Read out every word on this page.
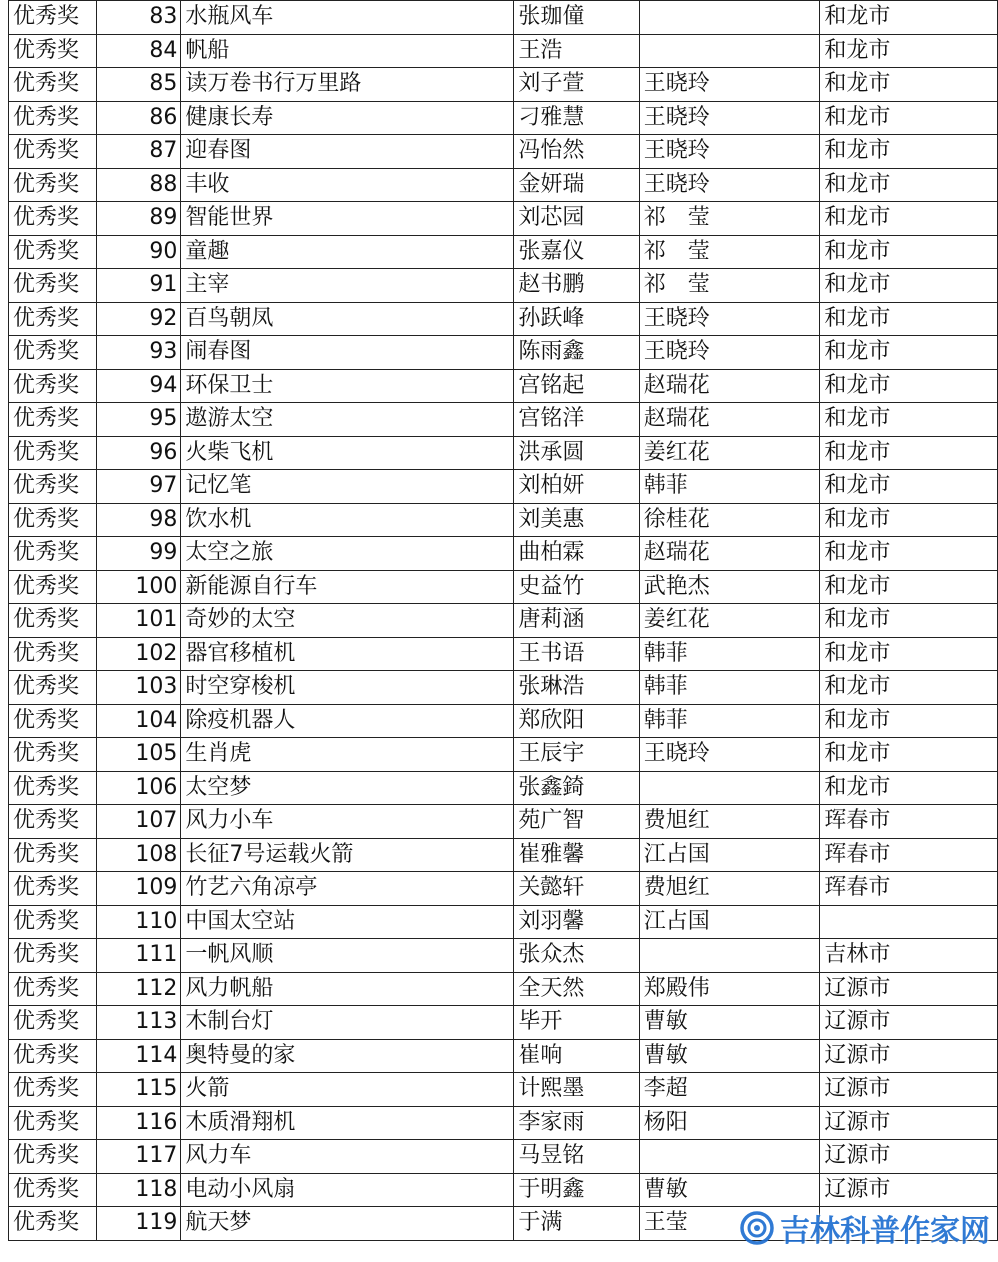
优秀奖	83	水瓶风车	张珈僮		和龙市
优秀奖	84	帆船	王浩		和龙市
优秀奖	85	读万卷书行万里路	刘子萱	王晓玲	和龙市
优秀奖	86	健康长寿	刁雅慧	王晓玲	和龙市
优秀奖	87	迎春图	冯怡然	王晓玲	和龙市
优秀奖	88	丰收	金妍瑞	王晓玲	和龙市
优秀奖	89	智能世界	刘芯园	祁　莹	和龙市
优秀奖	90	童趣	张嘉仪	祁　莹	和龙市
优秀奖	91	主宰	赵书鹏	祁　莹	和龙市
优秀奖	92	百鸟朝凤	孙跃峰	王晓玲	和龙市
优秀奖	93	闹春图	陈雨鑫	王晓玲	和龙市
优秀奖	94	环保卫士	宫铭起	赵瑞花	和龙市
优秀奖	95	遨游太空	宫铭洋	赵瑞花	和龙市
优秀奖	96	火柴飞机	洪承圆	姜红花	和龙市
优秀奖	97	记忆笔	刘柏妍	韩菲	和龙市
优秀奖	98	饮水机	刘美惠	徐桂花	和龙市
优秀奖	99	太空之旅	曲柏霖	赵瑞花	和龙市
优秀奖	100	新能源自行车	史益竹	武艳杰	和龙市
优秀奖	101	奇妙的太空	唐莉涵	姜红花	和龙市
优秀奖	102	器官移植机	王书语	韩菲	和龙市
优秀奖	103	时空穿梭机	张琳浩	韩菲	和龙市
优秀奖	104	除疫机器人	郑欣阳	韩菲	和龙市
优秀奖	105	生肖虎	王辰宇	王晓玲	和龙市
优秀奖	106	太空梦	张鑫錡		和龙市
优秀奖	107	风力小车	苑广智	费旭红	珲春市
优秀奖	108	长征7号运载火箭	崔雅馨	江占国	珲春市
优秀奖	109	竹艺六角凉亭	关懿轩	费旭红	珲春市
优秀奖	110	中国太空站	刘羽馨	江占国	
优秀奖	111	一帆风顺	张众杰		吉林市
优秀奖	112	风力帆船	全天然	郑殿伟	辽源市
优秀奖	113	木制台灯	毕开	曹敏	辽源市
优秀奖	114	奥特曼的家	崔响	曹敏	辽源市
优秀奖	115	火箭	计熙墨	李超	辽源市
优秀奖	116	木质滑翔机	李家雨	杨阳	辽源市
优秀奖	117	风力车	马昱铭		辽源市
优秀奖	118	电动小风扇	于明鑫	曹敏	辽源市
优秀奖	119	航天梦	于满	王莹		吉林科普作家网
